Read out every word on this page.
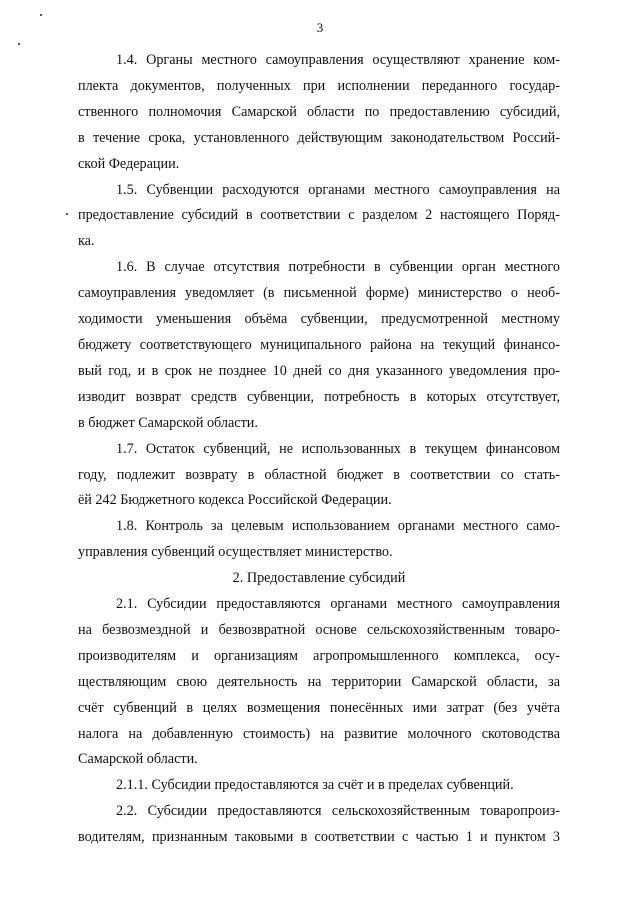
3

1.4. Органы местного самоуправления осуществляют хранение ком-
плекта документов, полученных при исполнении переданного государ-
ственного полномочия Самарской области по предоставлению субсидий,
в течение срока, установленного действующим законодательством Россий-
ской Федерации.

1.5. Субвенции расходуются органами местного самоуправления на
предоставление субсидий в соответствии с разделом 2 настоящего Поряд-
ка.

1.6. В случае отсутствия потребности в субвенции орган местного
самоуправления уведомляет (в письменной форме) министерство о необ-
ходимости уменьшения объёма субвенции, предусмотренной местному
бюджету соответствующего муниципального района на текущий финансо-
вый год, и в срок не позднее 10 дней со дня указанного уведомления про-
изводит возврат средств субвенции, потребность в которых отсутствует,
в бюджет Самарской области.

1.7. Остаток субвенций, не использованных в текущем финансовом
году, подлежит возврату в областной бюджет в соответствии со стать-
ёй 242 Бюджетного кодекса Российской Федерации.

1.8. Контроль за целевым использованием органами местного само-
управления субвенций осуществляет министерство.

2. Предоставление субсидий

2.1. Субсидии предоставляются органами местного самоуправления
на безвозмездной и безвозвратной основе сельскохозяйственным товаро-
производителям и организациям агропромышленного комплекса, осу-
ществляющим свою деятельность на территории Самарской области, за
счёт субвенций в целях возмещения понесённых ими затрат (без учёта
налога на добавленную стоимость) на развитие молочного скотоводства
Самарской области.

2.1.1. Субсидии предоставляются за счёт и в пределах субвенций.

2.2. Субсидии предоставляются сельскохозяйственным товаропроиз-
водителям, признанным таковыми в соответствии с частью 1 и пунктом 3
